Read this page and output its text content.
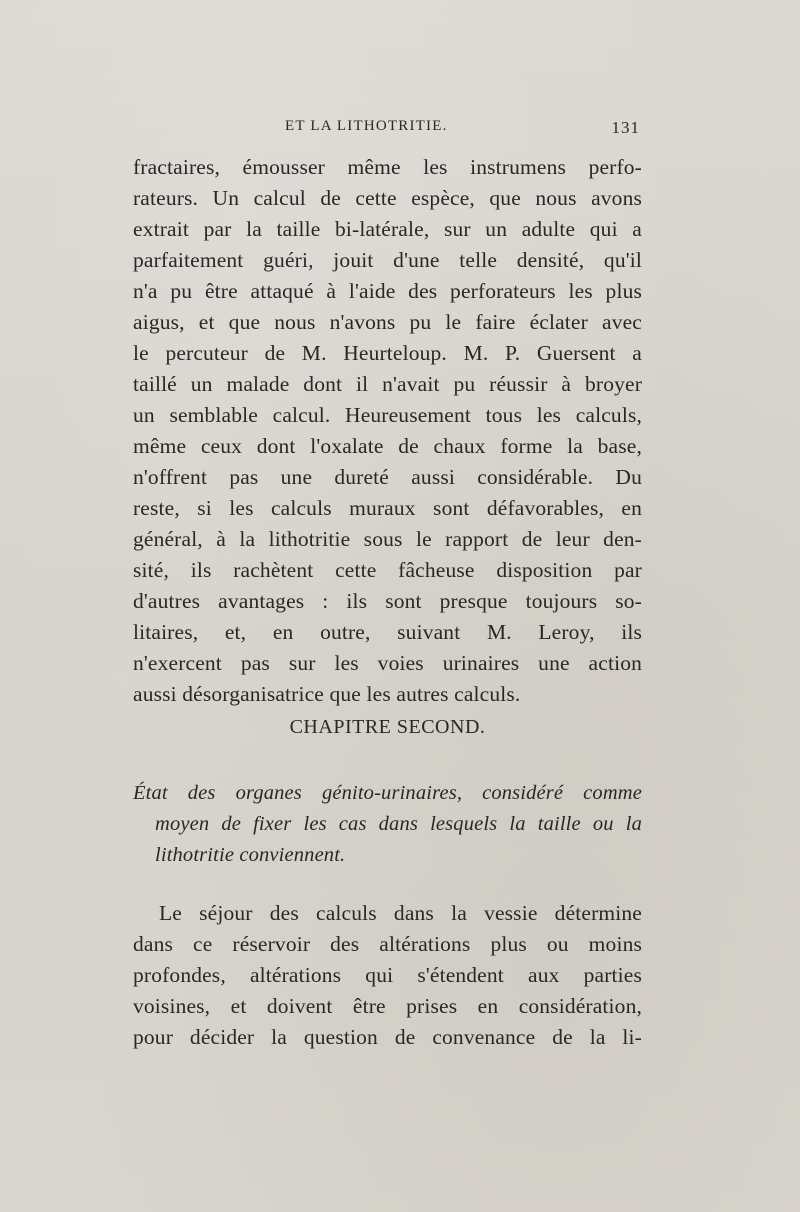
ET LA LITHOTRITIE.	131
fractaires, émousser même les instrumens perfo-
rateurs. Un calcul de cette espèce, que nous avons
extrait par la taille bi-latérale, sur un adulte qui a
parfaitement guéri, jouit d'une telle densité, qu'il
n'a pu être attaqué à l'aide des perforateurs les plus
aigus, et que nous n'avons pu le faire éclater avec
le percuteur de M. Heurteloup. M. P. Guersent a
taillé un malade dont il n'avait pu réussir à broyer
un semblable calcul. Heureusement tous les calculs,
même ceux dont l'oxalate de chaux forme la base,
n'offrent pas une dureté aussi considérable. Du
reste, si les calculs muraux sont défavorables, en
général, à la lithotritie sous le rapport de leur den-
sité, ils rachètent cette fâcheuse disposition par
d'autres avantages : ils sont presque toujours so-
litaires, et, en outre, suivant M. Leroy, ils
n'exercent pas sur les voies urinaires une action
aussi désorganisatrice que les autres calculs.
CHAPITRE SECOND.
État des organes génito-urinaires, considéré comme
moyen de fixer les cas dans lesquels la taille ou la
lithotritie conviennent.
Le séjour des calculs dans la vessie détermine
dans ce réservoir des altérations plus ou moins
profondes, altérations qui s'étendent aux parties
voisines, et doivent être prises en considération,
pour décider la question de convenance de la li-
